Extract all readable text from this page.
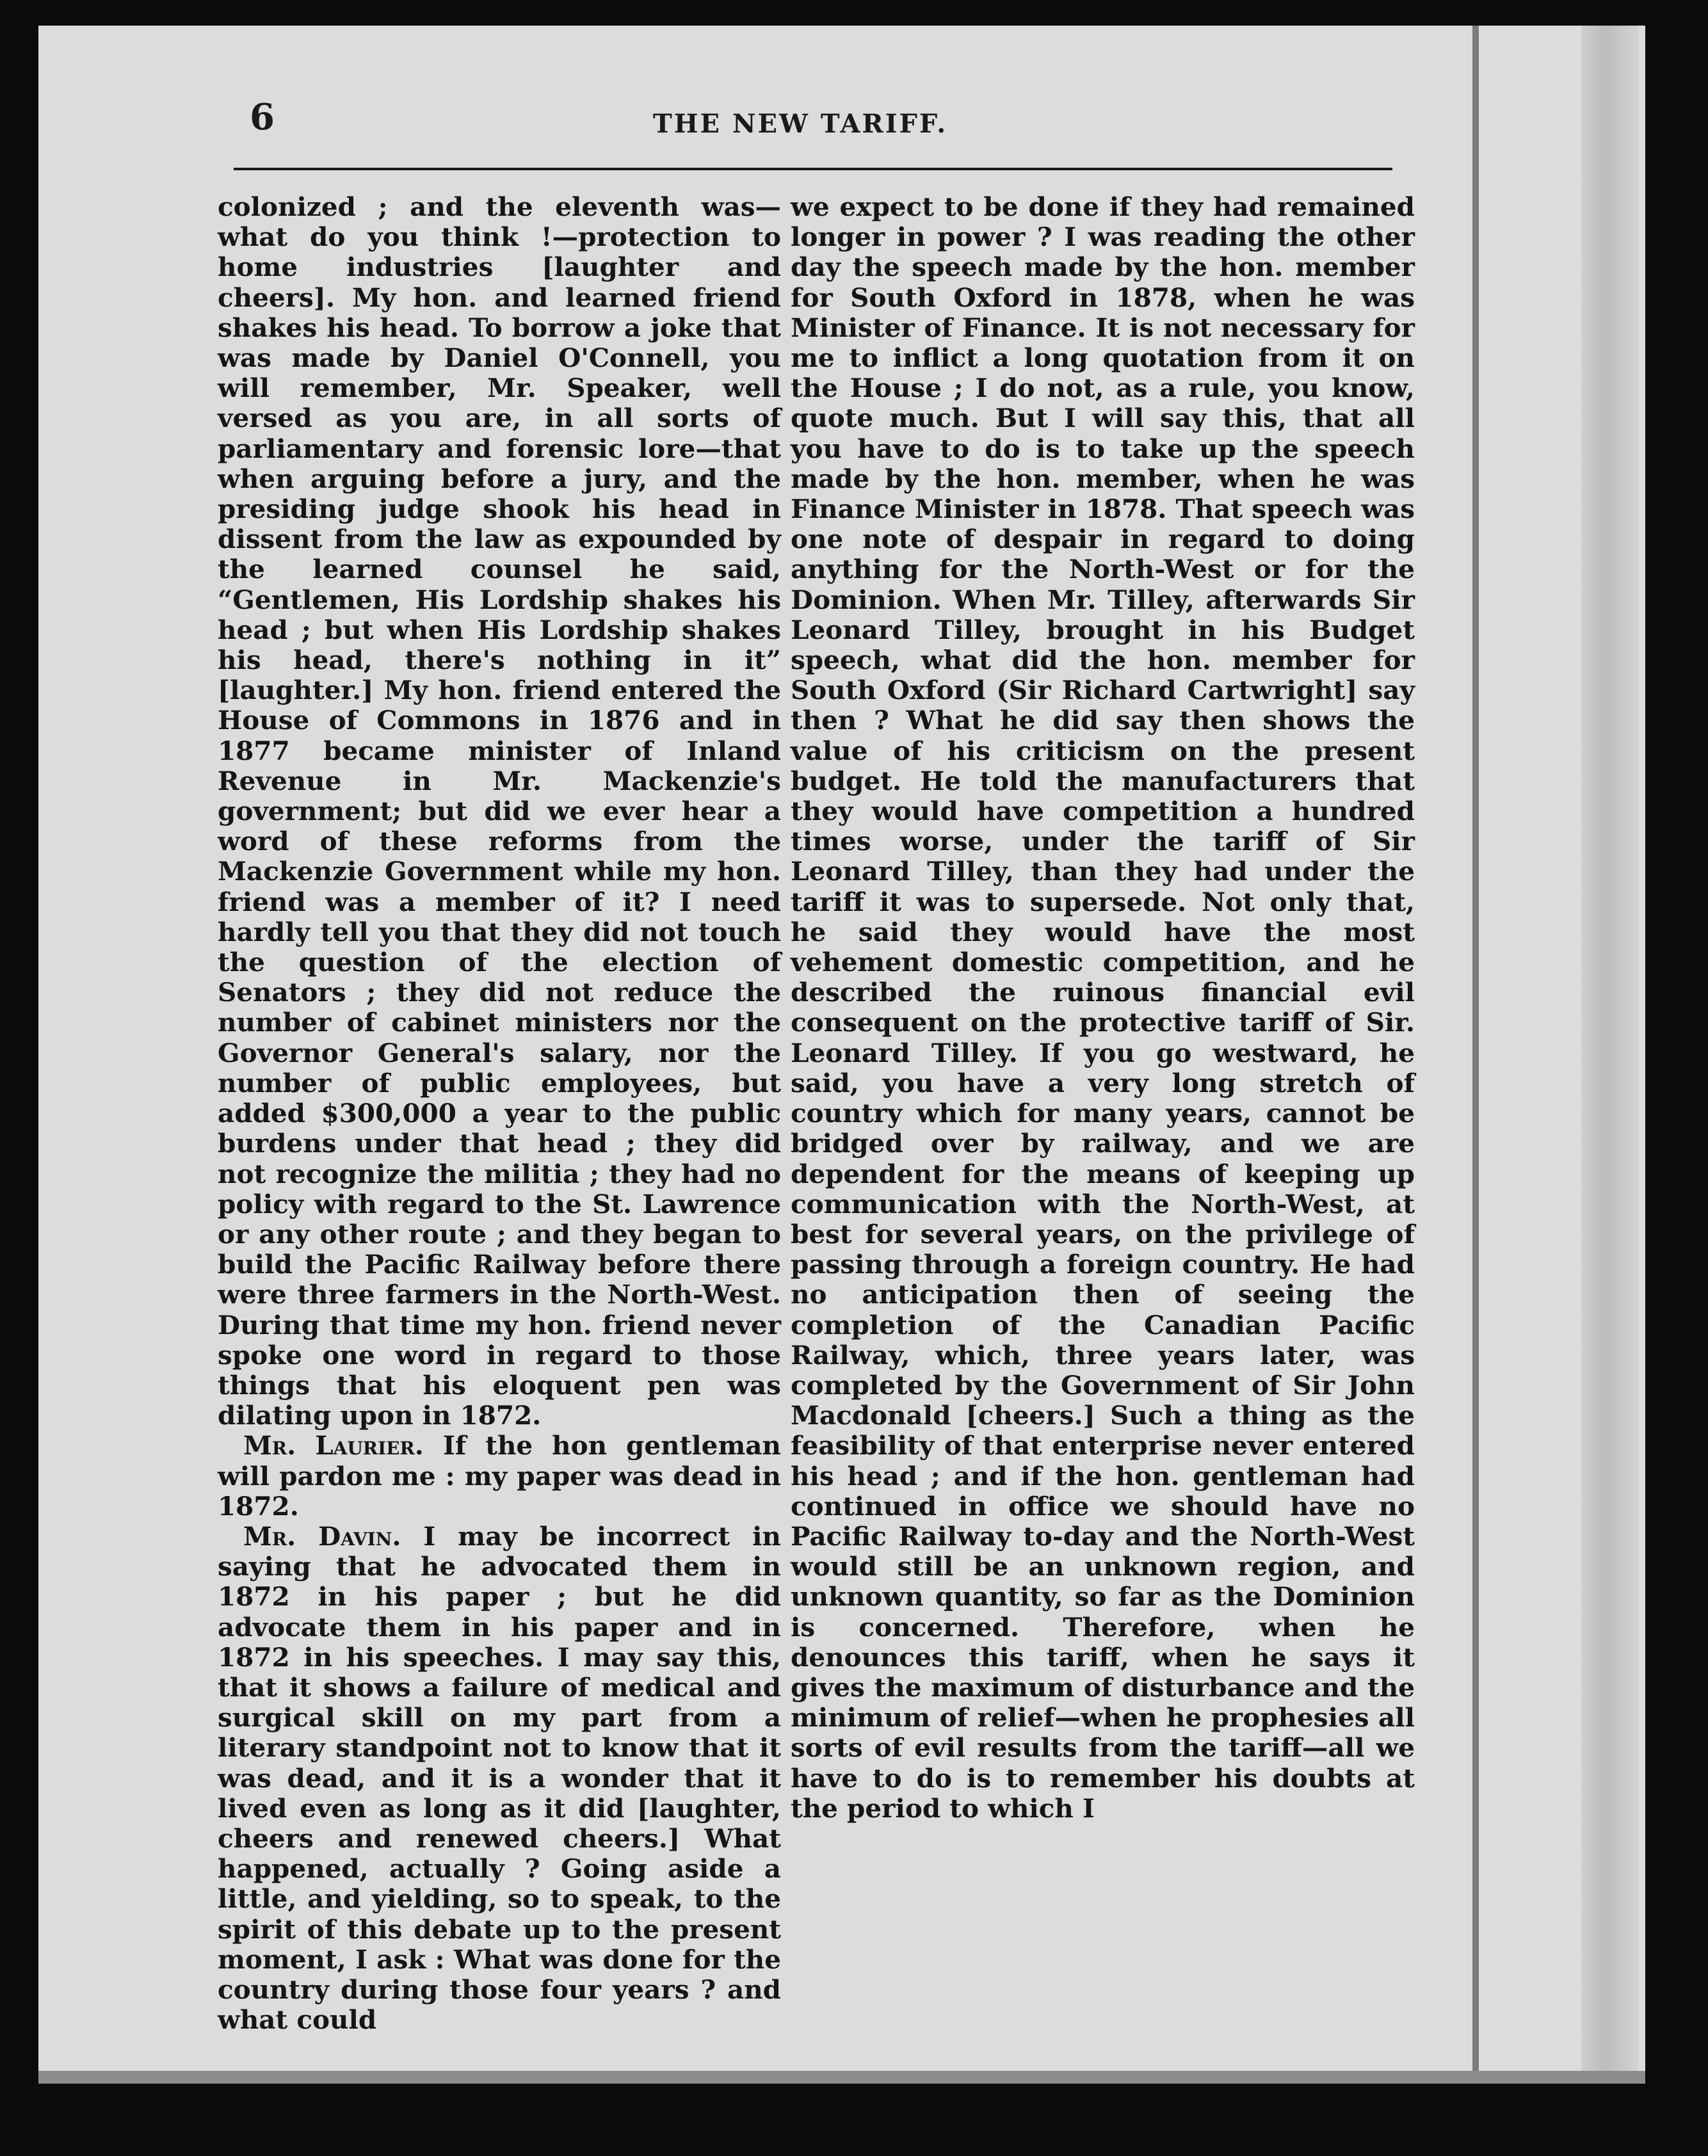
6	THE NEW TARIFF.

colonized ; and the eleventh was—what do you think !—protection to home industries [laughter and cheers]. My hon. and learned friend shakes his head. To borrow a joke that was made by Daniel O'Connell, you will remember, Mr. Speaker, well versed as you are, in all sorts of parliamentary and forensic lore—that when arguing before a jury, and the presiding judge shook his head in dissent from the law as expounded by the learned counsel he said, “Gentlemen, His Lordship shakes his head ; but when His Lordship shakes his head, there's nothing in it” [laughter.] My hon. friend entered the House of Commons in 1876 and in 1877 became minister of Inland Revenue in Mr. Mackenzie's government; but did we ever hear a word of these reforms from the Mackenzie Government while my hon. friend was a member of it? I need hardly tell you that they did not touch the question of the election of Senators ; they did not reduce the number of cabinet ministers nor the Governor General's salary, nor the number of public employees, but added $300,000 a year to the public burdens under that head ; they did not recognize the militia ; they had no policy with regard to the St. Lawrence or any other route ; and they began to build the Pacific Railway before there were three farmers in the North-West. During that time my hon. friend never spoke one word in regard to those things that his eloquent pen was dilating upon in 1872.

Mr. Laurier. If the hon gentleman will pardon me : my paper was dead in 1872.

Mr. Davin. I may be incorrect in saying that he advocated them in 1872 in his paper ; but he did advocate them in his paper and in 1872 in his speeches. I may say this, that it shows a failure of medical and surgical skill on my part from a literary standpoint not to know that it was dead, and it is a wonder that it lived even as long as it did [laughter, cheers and renewed cheers.] What happened, actually ? Going aside a little, and yielding, so to speak, to the spirit of this debate up to the present moment, I ask : What was done for the country during those four years ? and what could

we expect to be done if they had remained longer in power ? I was reading the other day the speech made by the hon. member for South Oxford in 1878, when he was Minister of Finance. It is not necessary for me to inflict a long quotation from it on the House ; I do not, as a rule, you know, quote much. But I will say this, that all you have to do is to take up the speech made by the hon. member, when he was Finance Minister in 1878. That speech was one note of despair in regard to doing anything for the North-West or for the Dominion. When Mr. Tilley, afterwards Sir Leonard Tilley, brought in his Budget speech, what did the hon. member for South Oxford (Sir Richard Cartwright] say then ? What he did say then shows the value of his criticism on the present budget. He told the manufacturers that they would have competition a hundred times worse, under the tariff of Sir Leonard Tilley, than they had under the tariff it was to supersede. Not only that, he said they would have the most vehement domestic competition, and he described the ruinous financial evil consequent on the protective tariff of Sir. Leonard Tilley. If you go westward, he said, you have a very long stretch of country which for many years, cannot be bridged over by railway, and we are dependent for the means of keeping up communication with the North-West, at best for several years, on the privilege of passing through a foreign country. He had no anticipation then of seeing the completion of the Canadian Pacific Railway, which, three years later, was completed by the Government of Sir John Macdonald [cheers.] Such a thing as the feasibility of that enterprise never entered his head ; and if the hon. gentleman had continued in office we should have no Pacific Railway to-day and the North-West would still be an unknown region, and unknown quantity, so far as the Dominion is concerned. Therefore, when he denounces this tariff, when he says it gives the maximum of disturbance and the minimum of relief—when he prophesies all sorts of evil results from the tariff—all we have to do is to remember his doubts at the period to which I
